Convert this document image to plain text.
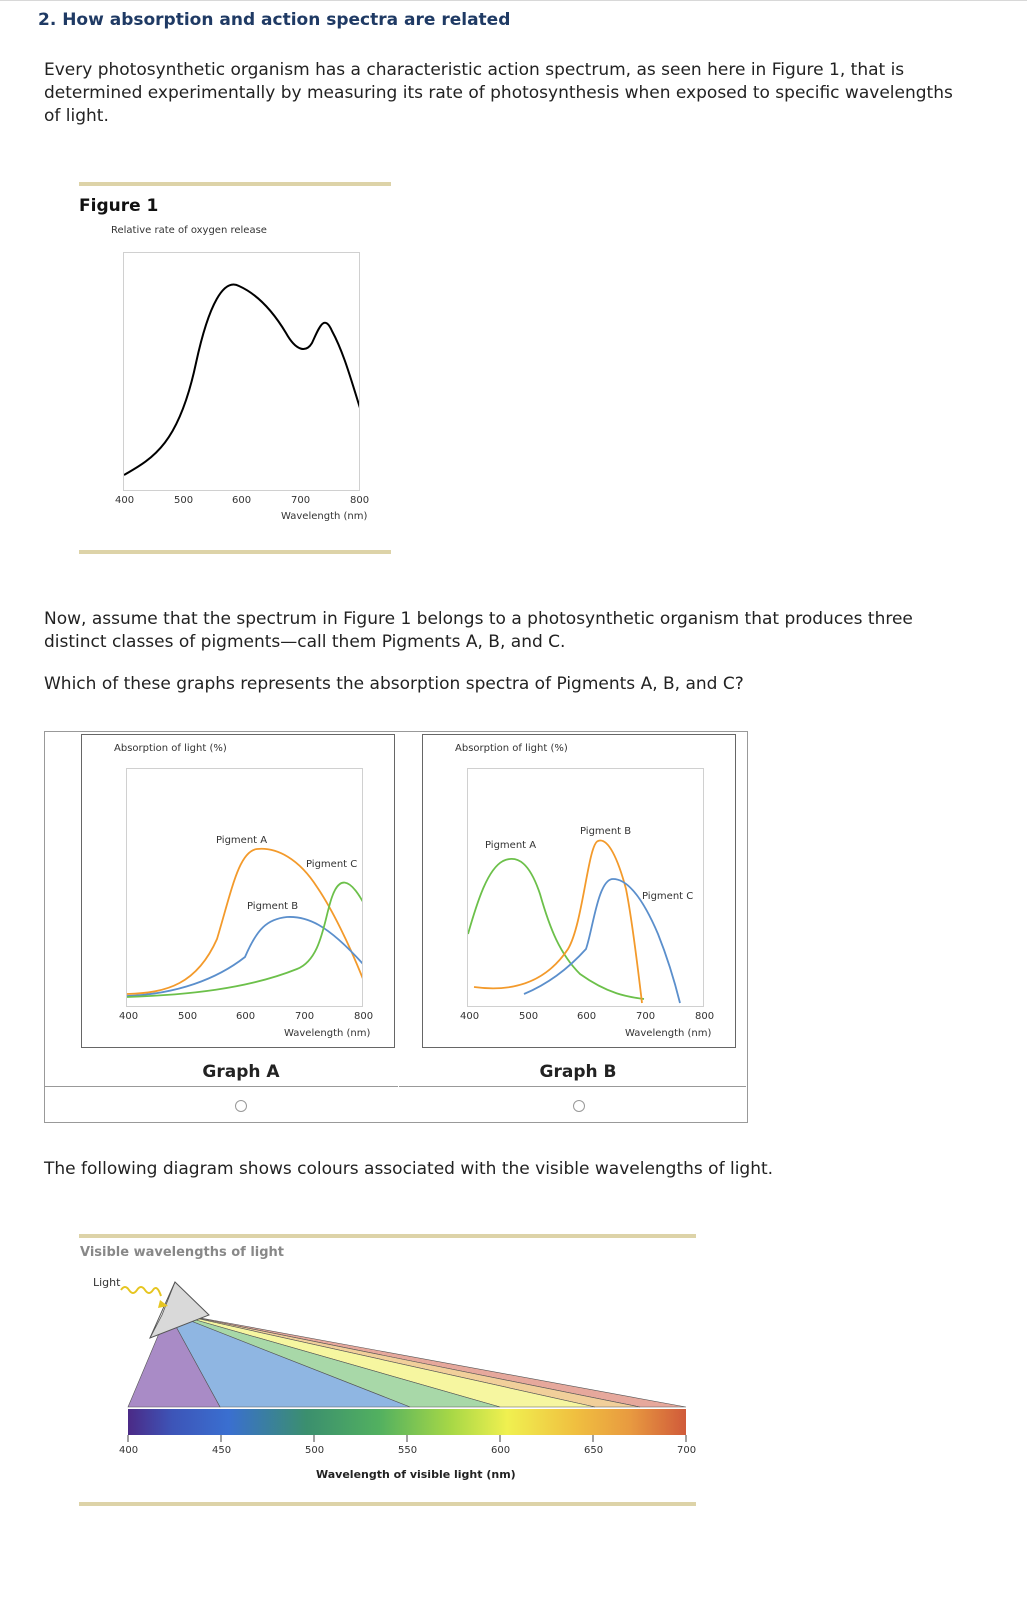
2. How absorption and action spectra are related

Every photosynthetic organism has a characteristic action spectrum, as seen here in Figure 1, that is determined experimentally by measuring its rate of photosynthesis when exposed to specific wavelengths of light.

Figure 1
Relative rate of oxygen release
400	500	600	700	800
Wavelength (nm)

Now, assume that the spectrum in Figure 1 belongs to a photosynthetic organism that produces three distinct classes of pigments—call them Pigments A, B, and C.

Which of these graphs represents the absorption spectra of Pigments A, B, and C?

Absorption of light (%)
Pigment A
Pigment B
Pigment C
400	500	600	700	800
Wavelength (nm)
Graph A
Absorption of light (%)
Pigment A
Pigment B
Pigment C
400	500	600	700	800
Wavelength (nm)
Graph B

The following diagram shows colours associated with the visible wavelengths of light.

Visible wavelengths of light
Light
400	450	500	550	600	650	700
Wavelength of visible light (nm)
